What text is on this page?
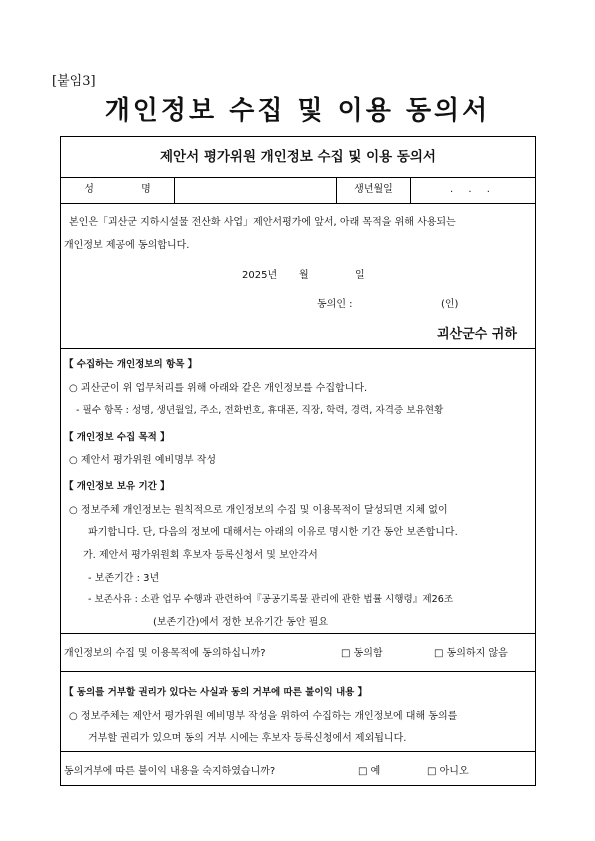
[붙임3]
개인정보 수집 및 이용 동의서
제안서 평가위원 개인정보 수집 및 이용 동의서
성 명	생년월일	. . .
본인은「괴산군 지하시설물 전산화 사업」제안서평가에 앞서, 아래 목적을 위해 사용되는
개인정보 제공에 동의합니다.
2025년 월	일
동의인 :	(인)
괴산군수 귀하
【 수집하는 개인정보의 항목 】
○ 괴산군이 위 업무처리를 위해 아래와 같은 개인정보를 수집합니다.
- 필수 항목 : 성명, 생년월일, 주소, 전화번호, 휴대폰, 직장, 학력, 경력, 자격증 보유현황
【 개인정보 수집 목적 】
○ 제안서 평가위원 예비명부 작성
【 개인정보 보유 기간 】
○ 정보주체 개인정보는 원칙적으로 개인정보의 수집 및 이용목적이 달성되면 지체 없이
파기합니다. 단, 다음의 정보에 대해서는 아래의 이유로 명시한 기간 동안 보존합니다.
가. 제안서 평가위원회 후보자 등록신청서 및 보안각서
- 보존기간 : 3년
- 보존사유 : 소관 업무 수행과 관련하여『공공기록물 관리에 관한 법률 시행령』제26조
(보존기간)에서 정한 보유기간 동안 필요
개인정보의 수집 및 이용목적에 동의하십니까?	□ 동의함	□ 동의하지 않음
【 동의를 거부할 권리가 있다는 사실과 동의 거부에 따른 불이익 내용 】
○ 정보주체는 제안서 평가위원 예비명부 작성을 위하여 수집하는 개인정보에 대해 동의를
거부할 권리가 있으며 동의 거부 시에는 후보자 등록신청에서 제외됩니다.
동의거부에 따른 불이익 내용을 숙지하였습니까?	□ 예	□ 아니오
